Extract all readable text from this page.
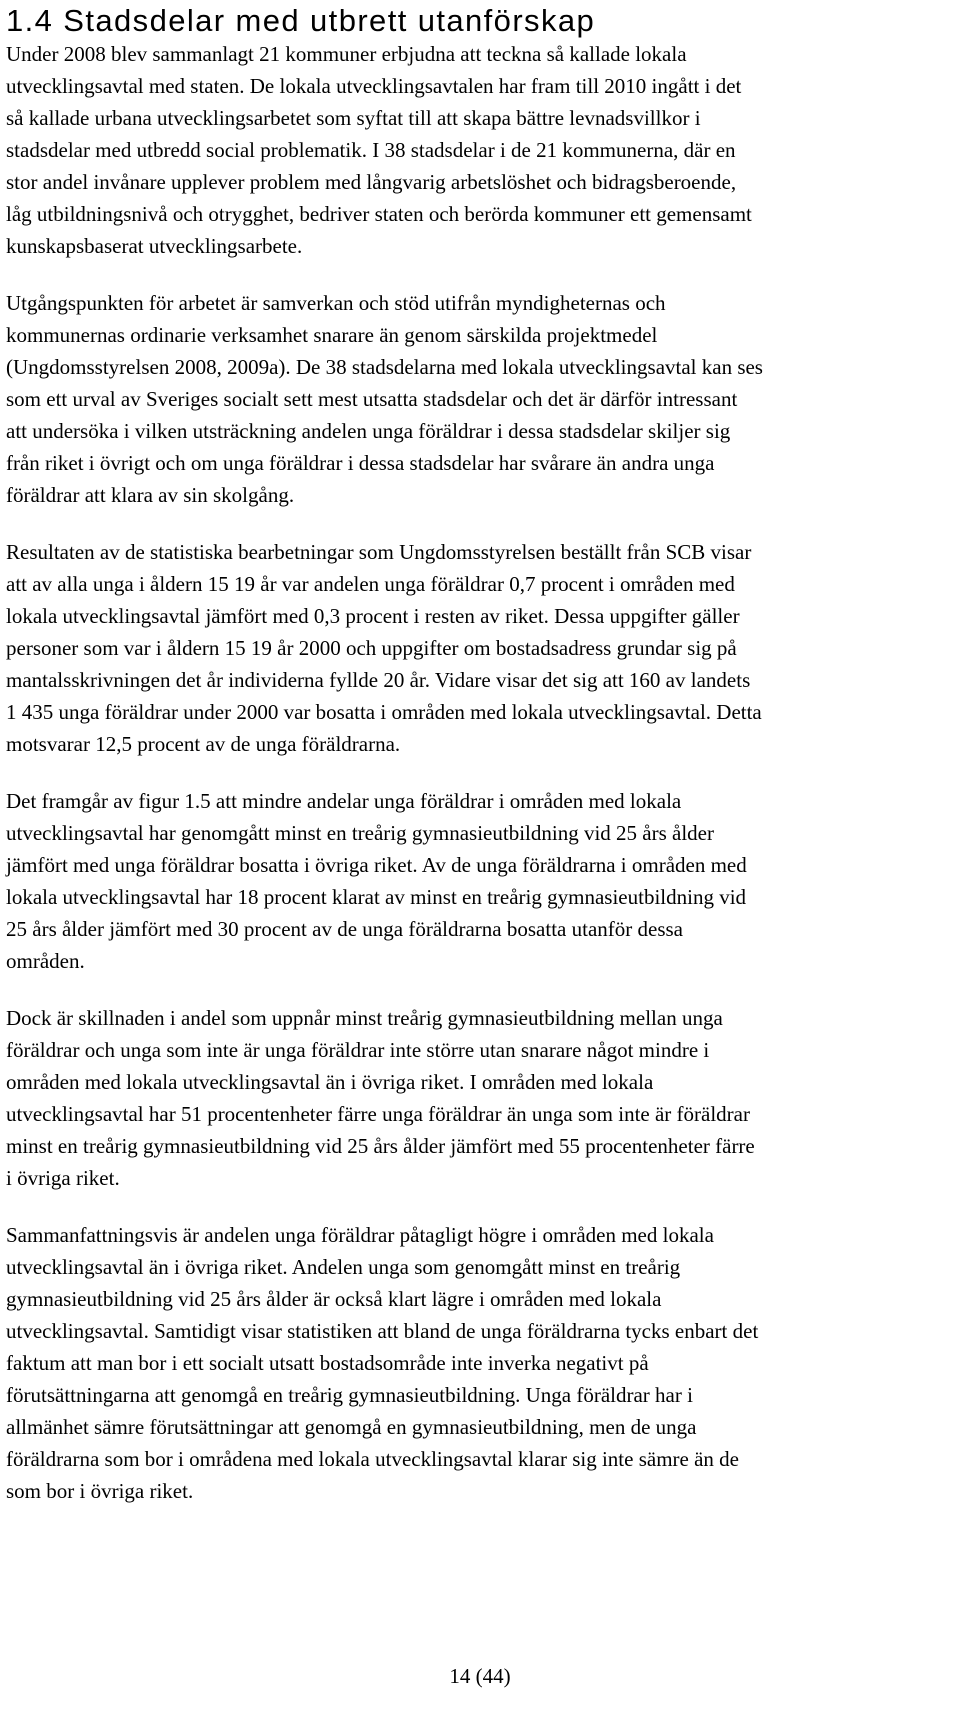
1.4 Stadsdelar med utbrett utanförskap

Under 2008 blev sammanlagt 21 kommuner erbjudna att teckna så kallade lokala
utvecklingsavtal med staten. De lokala utvecklingsavtalen har fram till 2010 ingått i det
så kallade urbana utvecklingsarbetet som syftat till att skapa bättre levnadsvillkor i
stadsdelar med utbredd social problematik. I 38 stadsdelar i de 21 kommunerna, där en
stor andel invånare upplever problem med långvarig arbetslöshet och bidragsberoende,
låg utbildningsnivå och otrygghet, bedriver staten och berörda kommuner ett gemensamt
kunskapsbaserat utvecklingsarbete.

Utgångspunkten för arbetet är samverkan och stöd utifrån myndigheternas och
kommunernas ordinarie verksamhet snarare än genom särskilda projektmedel
(Ungdomsstyrelsen 2008, 2009a). De 38 stadsdelarna med lokala utvecklingsavtal kan ses
som ett urval av Sveriges socialt sett mest utsatta stadsdelar och det är därför intressant
att undersöka i vilken utsträckning andelen unga föräldrar i dessa stadsdelar skiljer sig
från riket i övrigt och om unga föräldrar i dessa stadsdelar har svårare än andra unga
föräldrar att klara av sin skolgång.

Resultaten av de statistiska bearbetningar som Ungdomsstyrelsen beställt från SCB visar
att av alla unga i åldern 15 19 år var andelen unga föräldrar 0,7 procent i områden med
lokala utvecklingsavtal jämfört med 0,3 procent i resten av riket. Dessa uppgifter gäller
personer som var i åldern 15 19 år 2000 och uppgifter om bostadsadress grundar sig på
mantalsskrivningen det år individerna fyllde 20 år. Vidare visar det sig att 160 av landets
1 435 unga föräldrar under 2000 var bosatta i områden med lokala utvecklingsavtal. Detta
motsvarar 12,5 procent av de unga föräldrarna.

Det framgår av figur 1.5 att mindre andelar unga föräldrar i områden med lokala
utvecklingsavtal har genomgått minst en treårig gymnasieutbildning vid 25 års ålder
jämfört med unga föräldrar bosatta i övriga riket. Av de unga föräldrarna i områden med
lokala utvecklingsavtal har 18 procent klarat av minst en treårig gymnasieutbildning vid
25 års ålder jämfört med 30 procent av de unga föräldrarna bosatta utanför dessa
områden.

Dock är skillnaden i andel som uppnår minst treårig gymnasieutbildning mellan unga
föräldrar och unga som inte är unga föräldrar inte större utan snarare något mindre i
områden med lokala utvecklingsavtal än i övriga riket. I områden med lokala
utvecklingsavtal har 51 procentenheter färre unga föräldrar än unga som inte är föräldrar
minst en treårig gymnasieutbildning vid 25 års ålder jämfört med 55 procentenheter färre
i övriga riket.

Sammanfattningsvis är andelen unga föräldrar påtagligt högre i områden med lokala
utvecklingsavtal än i övriga riket. Andelen unga som genomgått minst en treårig
gymnasieutbildning vid 25 års ålder är också klart lägre i områden med lokala
utvecklingsavtal. Samtidigt visar statistiken att bland de unga föräldrarna tycks enbart det
faktum att man bor i ett socialt utsatt bostadsområde inte inverka negativt på
förutsättningarna att genomgå en treårig gymnasieutbildning. Unga föräldrar har i
allmänhet sämre förutsättningar att genomgå en gymnasieutbildning, men de unga
föräldrarna som bor i områdena med lokala utvecklingsavtal klarar sig inte sämre än de
som bor i övriga riket.

14 (44)
